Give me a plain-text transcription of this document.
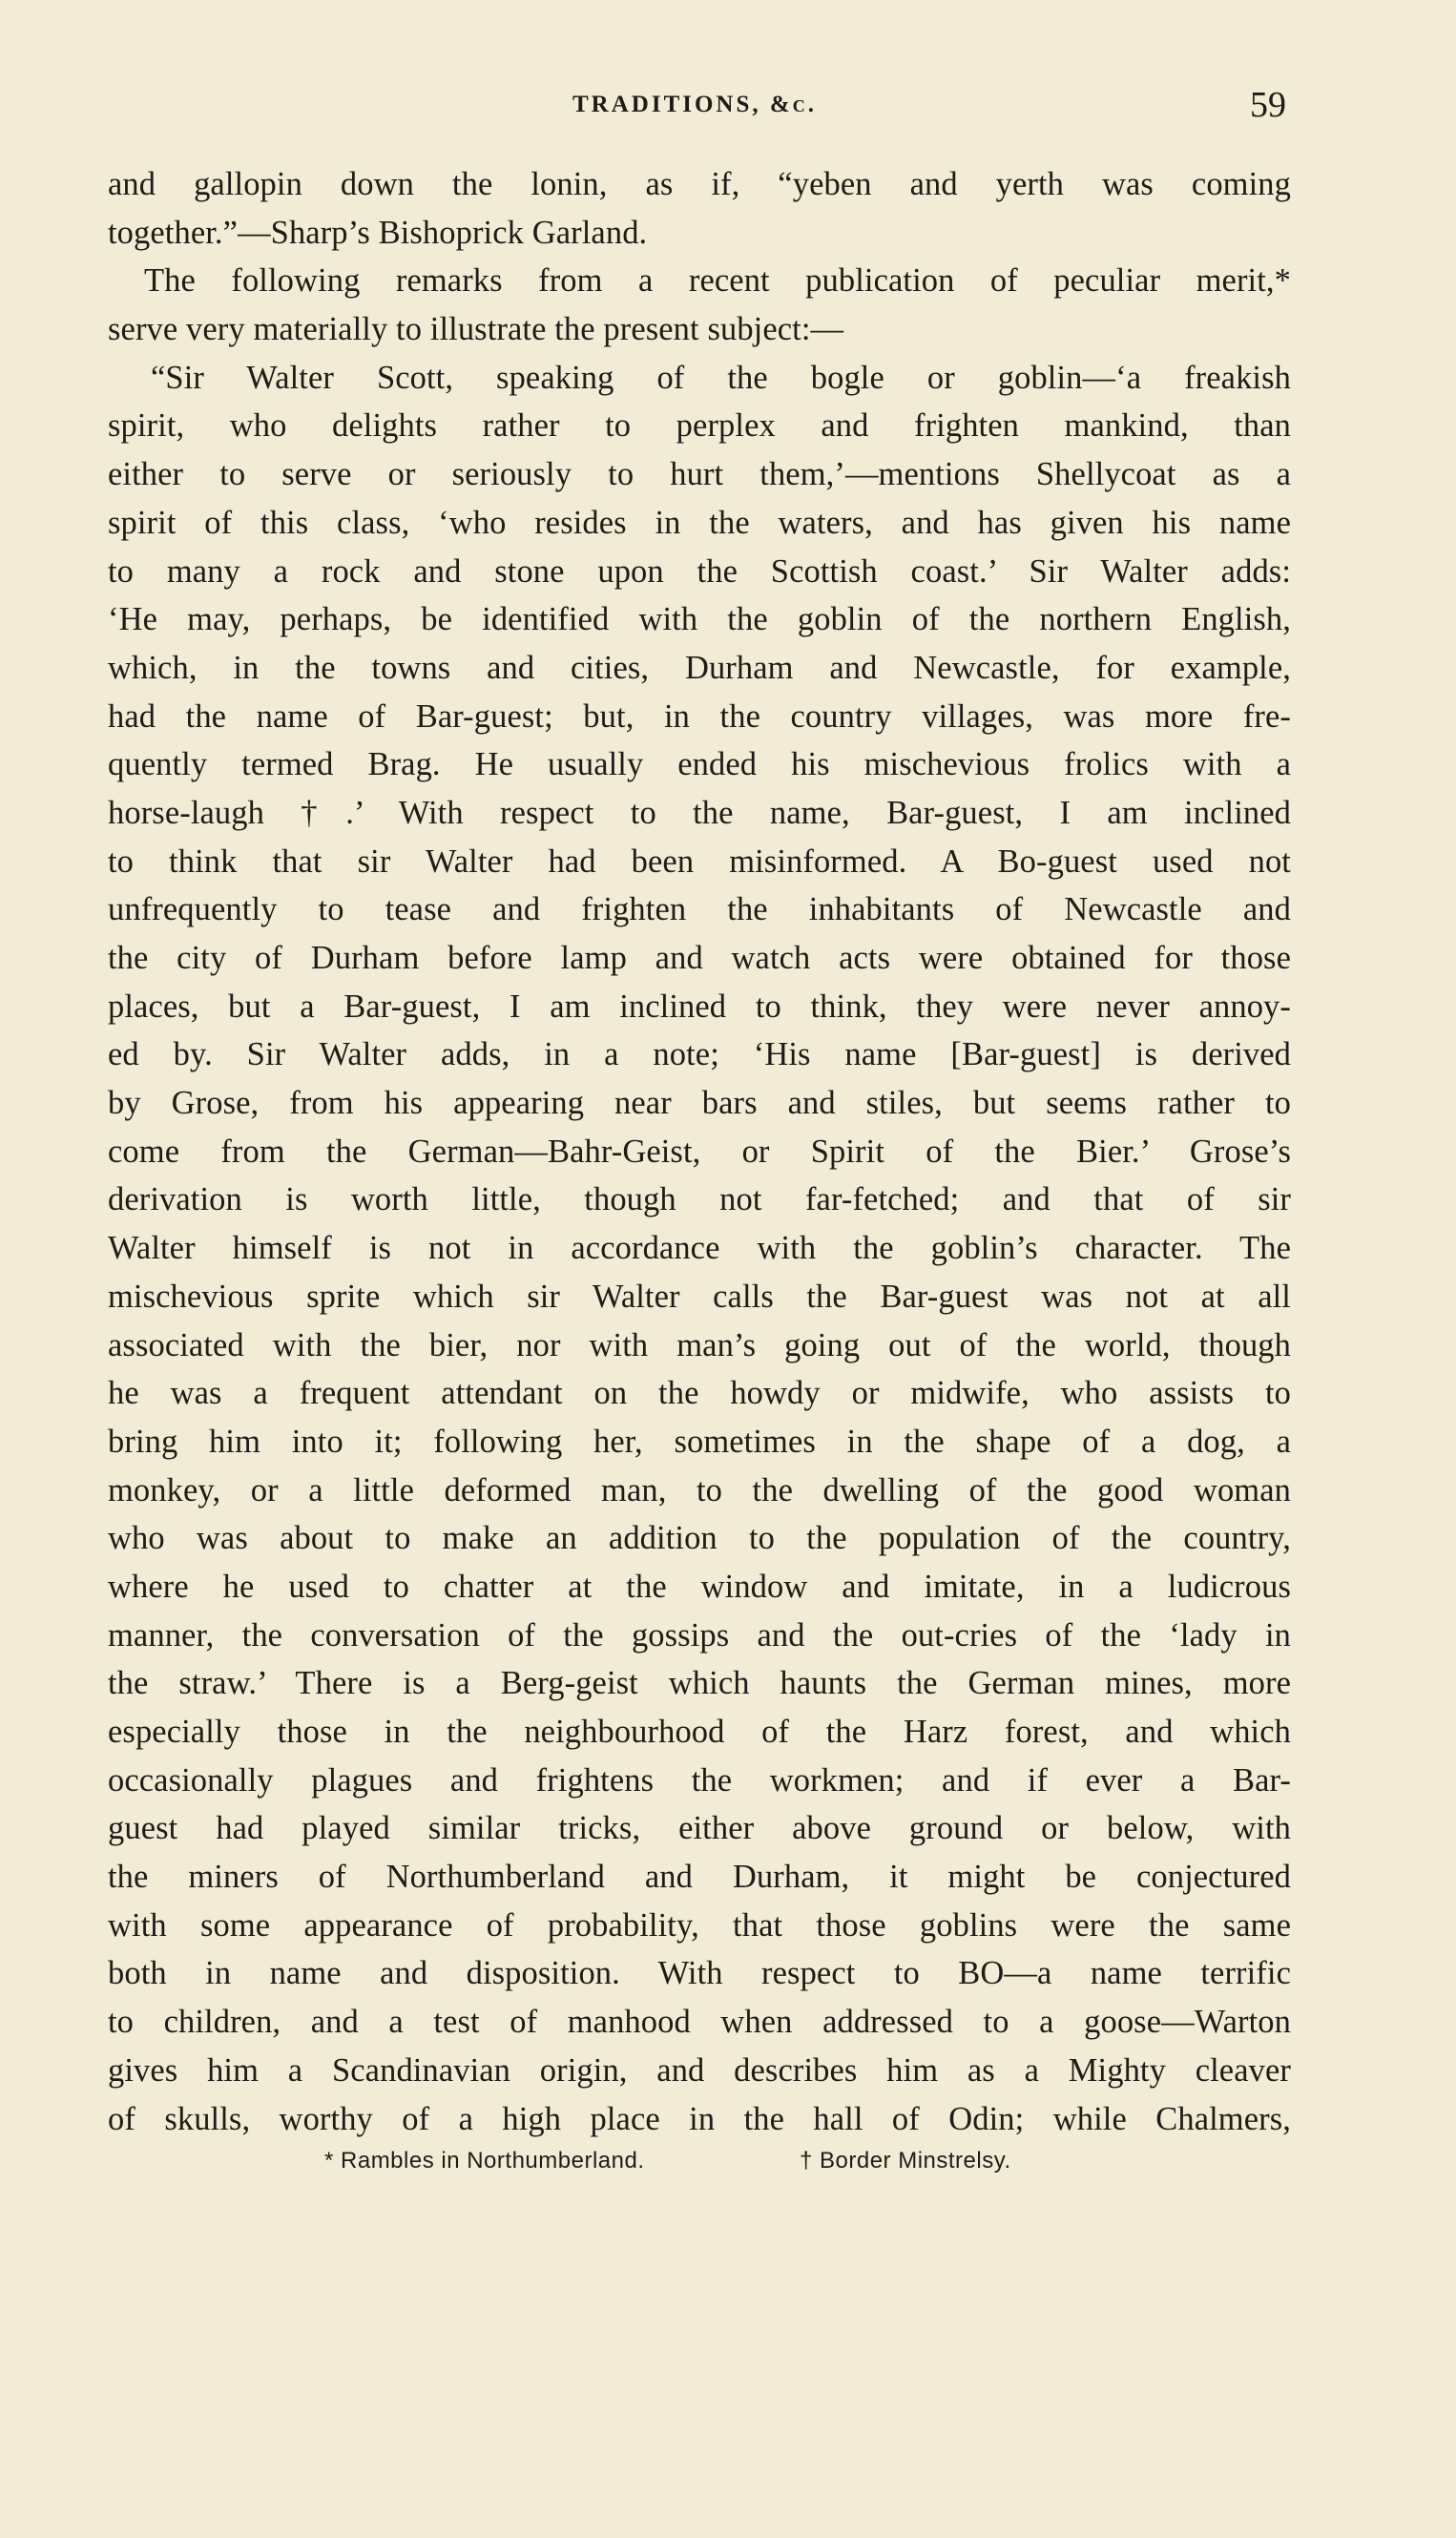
TRADITIONS, &c.	59
and gallopin down the lonin, as if, “yeben and yerth was coming
together.”—Sharp’s Bishoprick Garland.
The following remarks from a recent publication of peculiar merit,*
serve very materially to illustrate the present subject:—
“Sir Walter Scott, speaking of the bogle or goblin—‘a freakish
spirit, who delights rather to perplex and frighten mankind, than
either to serve or seriously to hurt them,’—mentions Shellycoat as a
spirit of this class, ‘who resides in the waters, and has given his name
to many a rock and stone upon the Scottish coast.’ Sir Walter adds:
‘He may, perhaps, be identified with the goblin of the northern English,
which, in the towns and cities, Durham and Newcastle, for example,
had the name of Bar-guest; but, in the country villages, was more fre-
quently termed Brag. He usually ended his mischevious frolics with a
horse-laugh †.’ With respect to the name, Bar-guest, I am inclined
to think that sir Walter had been misinformed. A Bo-guest used not
unfrequently to tease and frighten the inhabitants of Newcastle and
the city of Durham before lamp and watch acts were obtained for those
places, but a Bar-guest, I am inclined to think, they were never annoy-
ed by. Sir Walter adds, in a note; ‘His name [Bar-guest] is derived
by Grose, from his appearing near bars and stiles, but seems rather to
come from the German—Bahr-Geist, or Spirit of the Bier.’ Grose’s
derivation is worth little, though not far-fetched; and that of sir
Walter himself is not in accordance with the goblin’s character. The
mischevious sprite which sir Walter calls the Bar-guest was not at all
associated with the bier, nor with man’s going out of the world, though
he was a frequent attendant on the howdy or midwife, who assists to
bring him into it; following her, sometimes in the shape of a dog, a
monkey, or a little deformed man, to the dwelling of the good woman
who was about to make an addition to the population of the country,
where he used to chatter at the window and imitate, in a ludicrous
manner, the conversation of the gossips and the out-cries of the ‘lady in
the straw.’ There is a Berg-geist which haunts the German mines, more
especially those in the neighbourhood of the Harz forest, and which
occasionally plagues and frightens the workmen; and if ever a Bar-
guest had played similar tricks, either above ground or below, with
the miners of Northumberland and Durham, it might be conjectured
with some appearance of probability, that those goblins were the same
both in name and disposition. With respect to BO—a name terrific
to children, and a test of manhood when addressed to a goose—Warton
gives him a Scandinavian origin, and describes him as a Mighty cleaver
of skulls, worthy of a high place in the hall of Odin; while Chalmers,
* Rambles in Northumberland.	† Border Minstrelsy.
